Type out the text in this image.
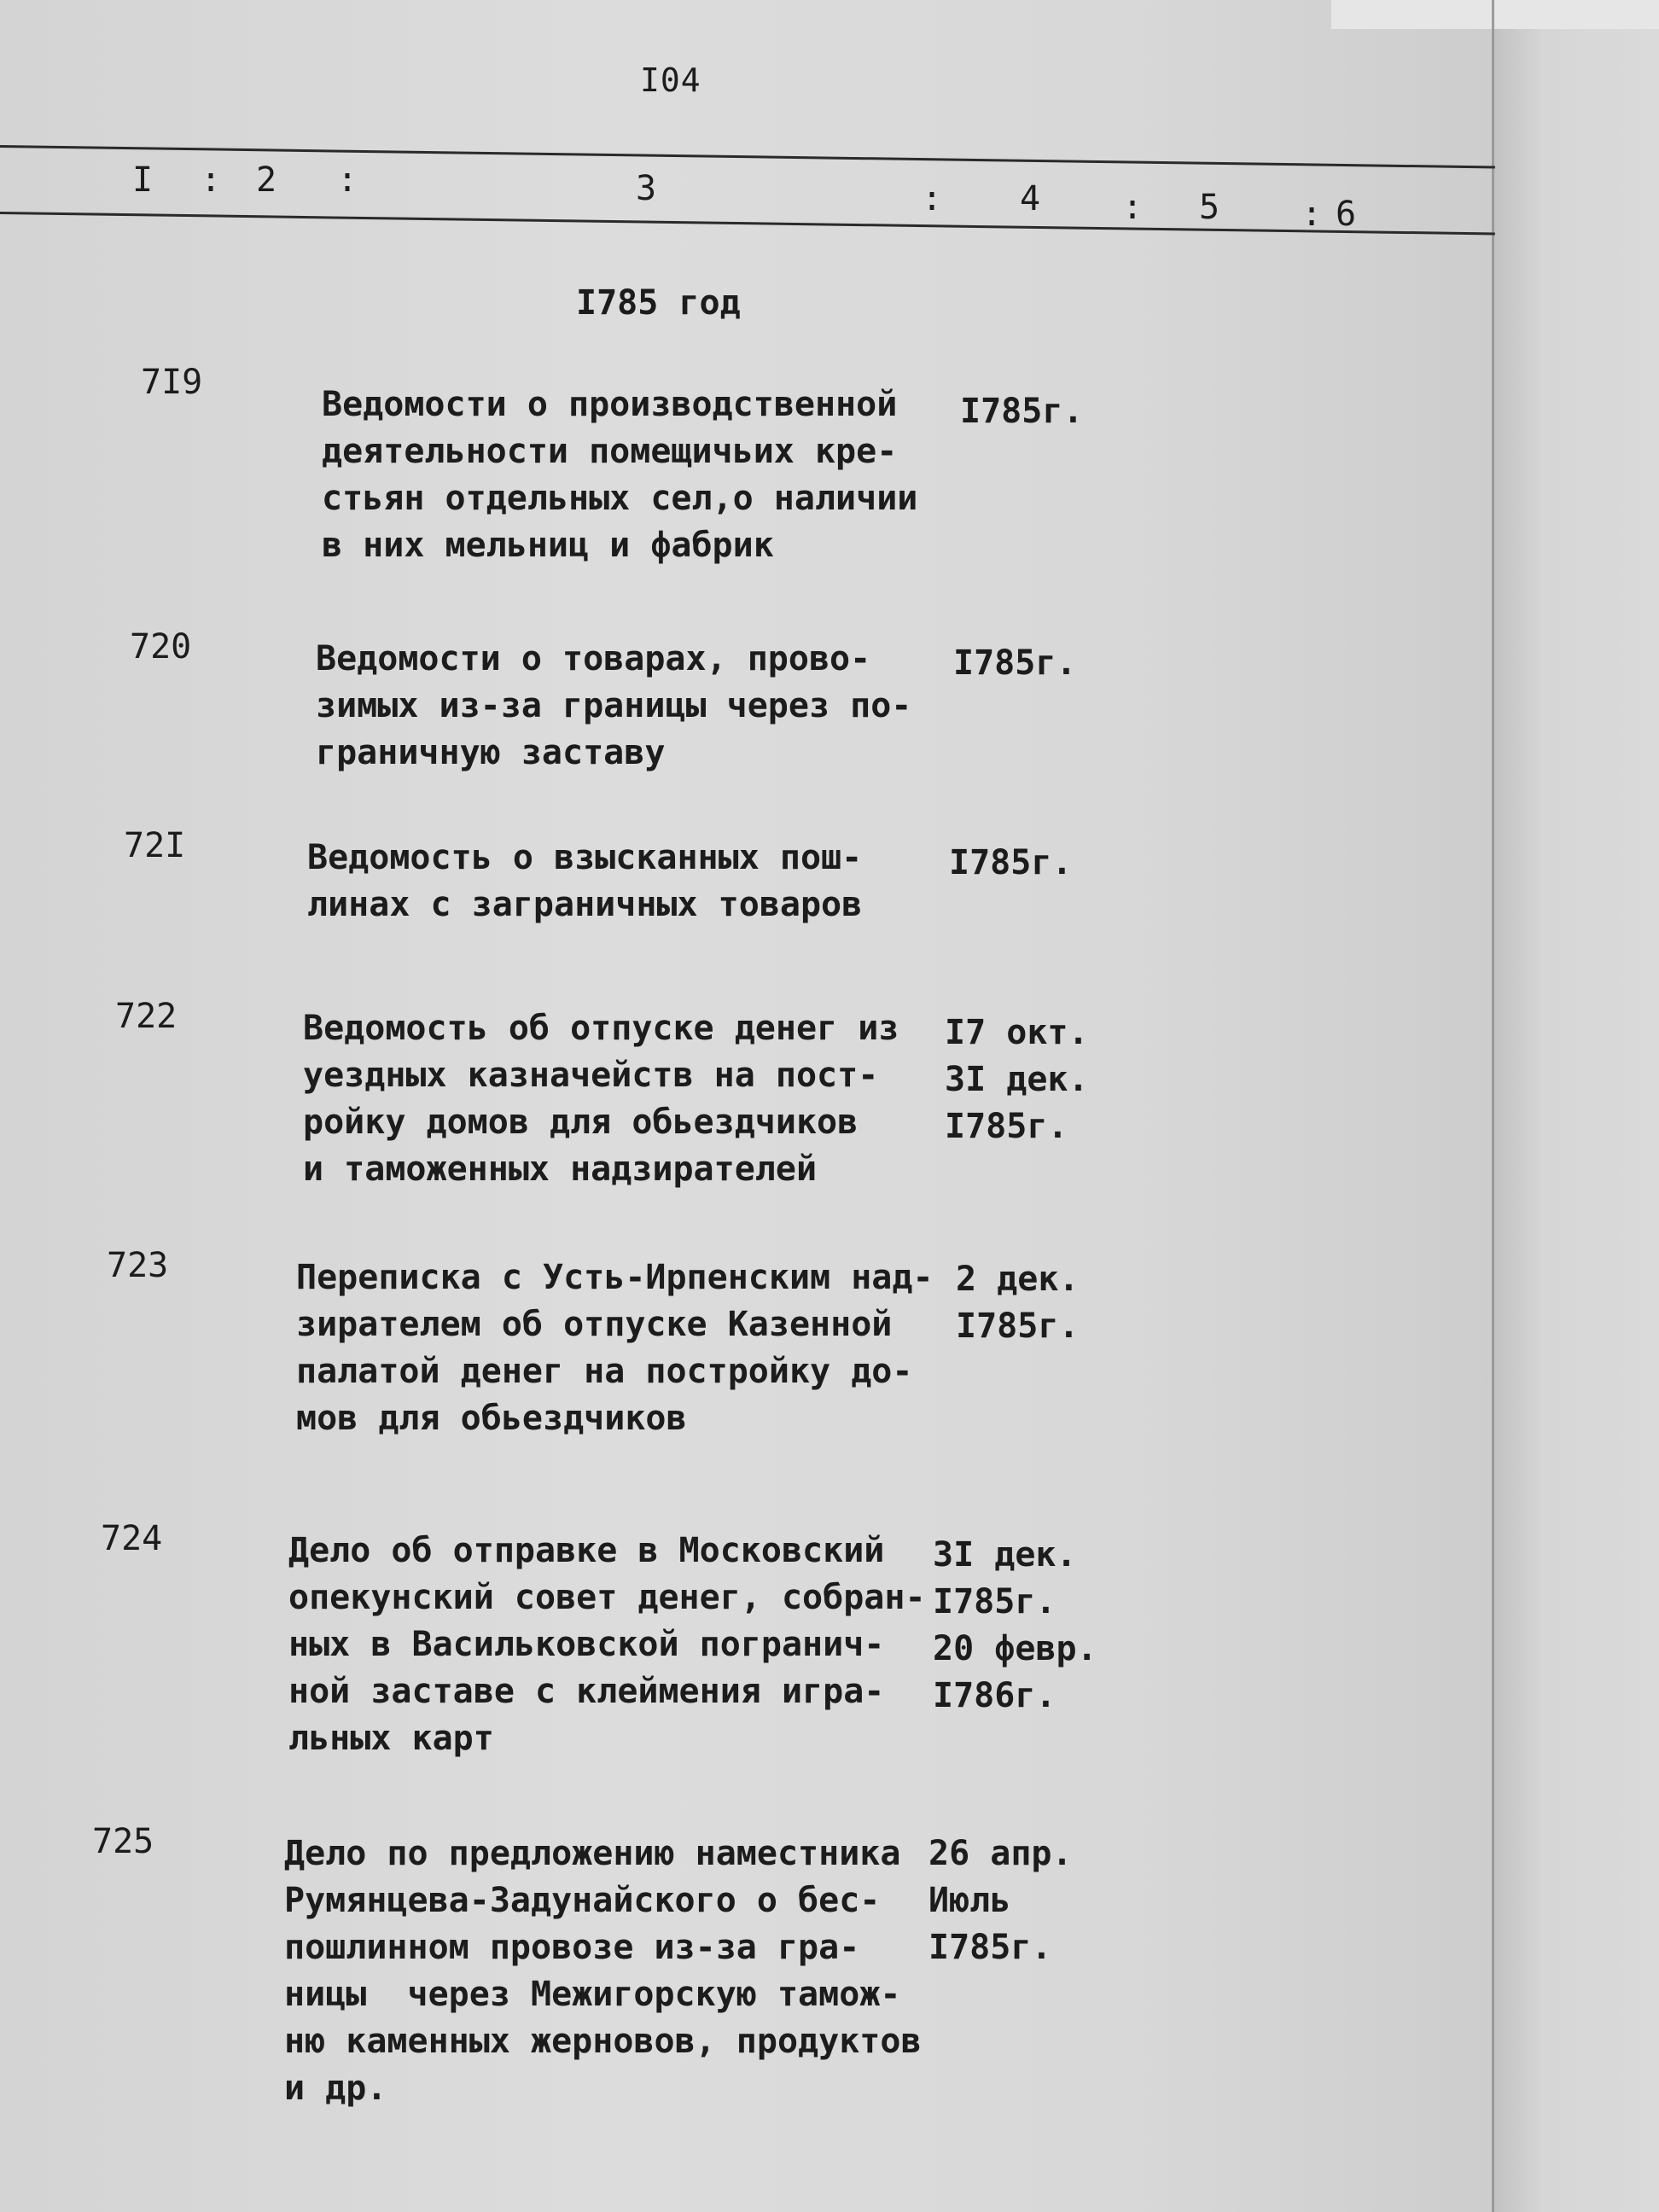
I04
I : 2 :	3	: 4 : 5 : 6
I785 год
7I9
Ведомости о производственной
деятельности помещичьих кре-
стьян отдельных сел,о наличии
в них мельниц и фабрик
I785г.
720	Ведомости о товарах, прово-
зимых из-за границы через по-
граничную заставу
I785г.
72I	Ведомость о взысканных пош-
линах с заграничных товаров
I785г.
722	Ведомость об отпуске денег из
уездных казначейств на пост-
ройку домов для обьездчиков
и таможенных надзирателей
I7 окт.
3I дек.
I785г.
723	Переписка с Усть-Ирпенским над-
зирателем об отпуске Казенной
палатой денег на постройку до-
мов для обьездчиков
2 дек.
I785г.
724	Дело об отправке в Московский
опекунский совет денег, собран-
ных в Васильковской погранич-
ной заставе с клеймения игра-
льных карт
3I дек.
I785г.
20 февр.
I786г.
725	Дело по предложению наместника
Румянцева-Задунайского о бес-
пошлинном провозе из-за гра-
ницы  через Межигорскую тамож-
ню каменных жерновов, продуктов
и др.
26 апр.
Июль
I785г.
